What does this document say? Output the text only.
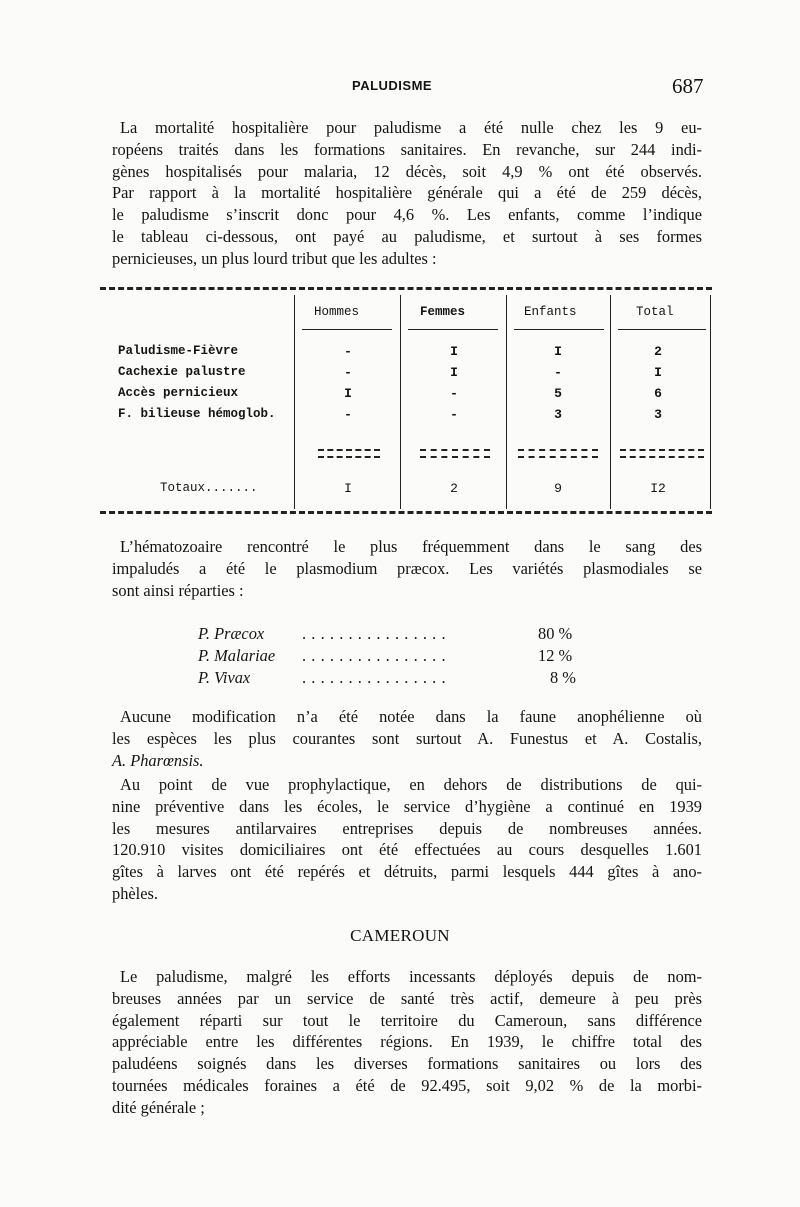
PALUDISME	687
La mortalité hospitalière pour paludisme a été nulle chez les 9 eu-
ropéens traités dans les formations sanitaires. En revanche, sur 244 indi-
gènes hospitalisés pour malaria, 12 décès, soit 4,9 % ont été observés.
Par rapport à la mortalité hospitalière générale qui a été de 259 décès,
le paludisme s’inscrit donc pour 4,6 %. Les enfants, comme l’indique
le tableau ci-dessous, ont payé au paludisme, et surtout à ses formes
pernicieuses, un plus lourd tribut que les adultes :
Hommes	Femmes	Enfants	Total
Paludisme-Fièvre	-	I	I	2
Cachexie palustre	-	I	-	I
Accès pernicieux	I	-	5	6
F. bilieuse hémoglob.	-	-	3	3
Totaux.......	I	2	9	I2
L’hématozoaire rencontré le plus fréquemment dans le sang des
impaludés a été le plasmodium præcox. Les variétés plasmodiales se
sont ainsi réparties :
P. Præcox ................	80 %
P. Malariae ................	12 %
P. Vivax	................	8 %
Aucune modification n’a été notée dans la faune anophélienne où
les espèces les plus courantes sont surtout A. Funestus et A. Costalis,
A. Pharœnsis.
Au point de vue prophylactique, en dehors de distributions de qui-
nine préventive dans les écoles, le service d’hygiène a continué en 1939
les mesures antilarvaires entreprises depuis de nombreuses années.
120.910 visites domiciliaires ont été effectuées au cours desquelles 1.601
gîtes à larves ont été repérés et détruits, parmi lesquels 444 gîtes à ano-
phèles.
CAMEROUN
Le paludisme, malgré les efforts incessants déployés depuis de nom-
breuses années par un service de santé très actif, demeure à peu près
également réparti sur tout le territoire du Cameroun, sans différence
appréciable entre les différentes régions. En 1939, le chiffre total des
paludéens soignés dans les diverses formations sanitaires ou lors des
tournées médicales foraines a été de 92.495, soit 9,02 % de la morbi-
dité générale ;
